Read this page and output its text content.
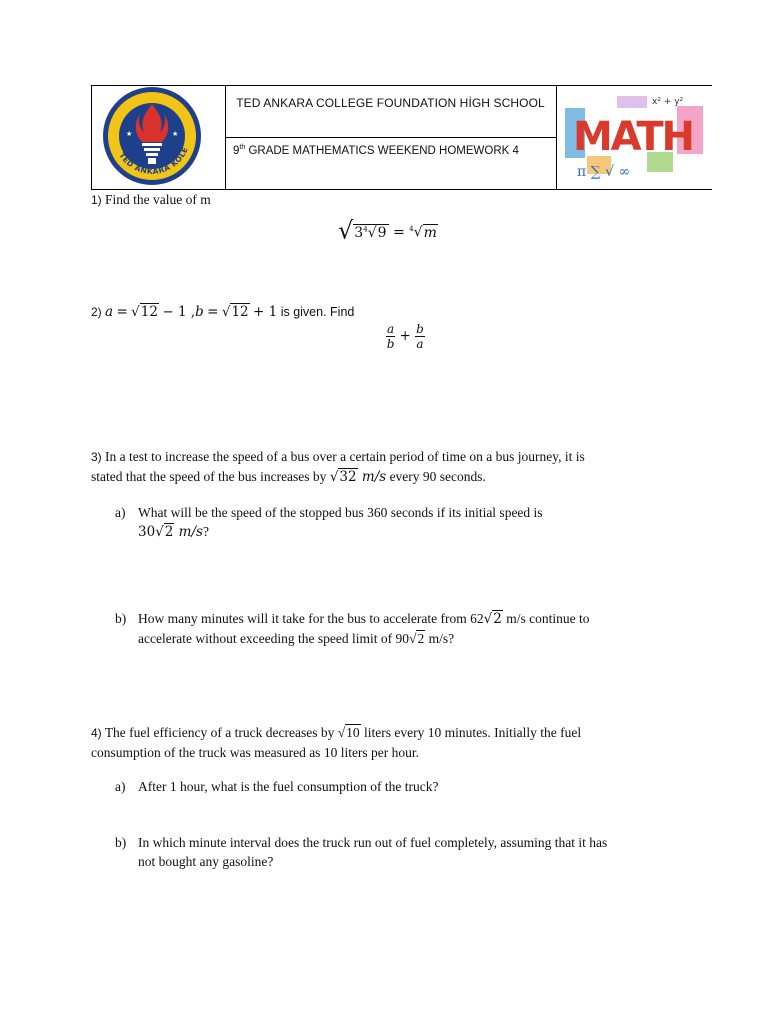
★	★
TED ANKARA KOLE
TED ANKARA COLLEGE FOUNDATION HİGH SCHOOL
9th GRADE MATHEMATICS WEEKEND HOMEWORK 4	MATH
π ∑ √ ∞
x² + y²
1) Find the value of m
$√3^4√9 = ^4√m$
2) a = √12 − 1 ,b = √12 + 1 is given. Find
$\frac{a}{b} + \frac{b}{a}$
3) In a test to increase the speed of a bus over a certain period of time on a bus journey, it is
stated that the speed of the bus increases by √32 m/s every 90 seconds.
a) What will be the speed of the stopped bus 360 seconds if its initial speed is
30√2 m/s?
b) How many minutes will it take for the bus to accelerate from 62√2 m/s continue to
accelerate without exceeding the speed limit of 90√2 m/s?
4) The fuel efficiency of a truck decreases by √10 liters every 10 minutes. Initially the fuel
consumption of the truck was measured as 10 liters per hour.
a) After 1 hour, what is the fuel consumption of the truck?
b) In which minute interval does the truck run out of fuel completely, assuming that it has
not bought any gasoline?
